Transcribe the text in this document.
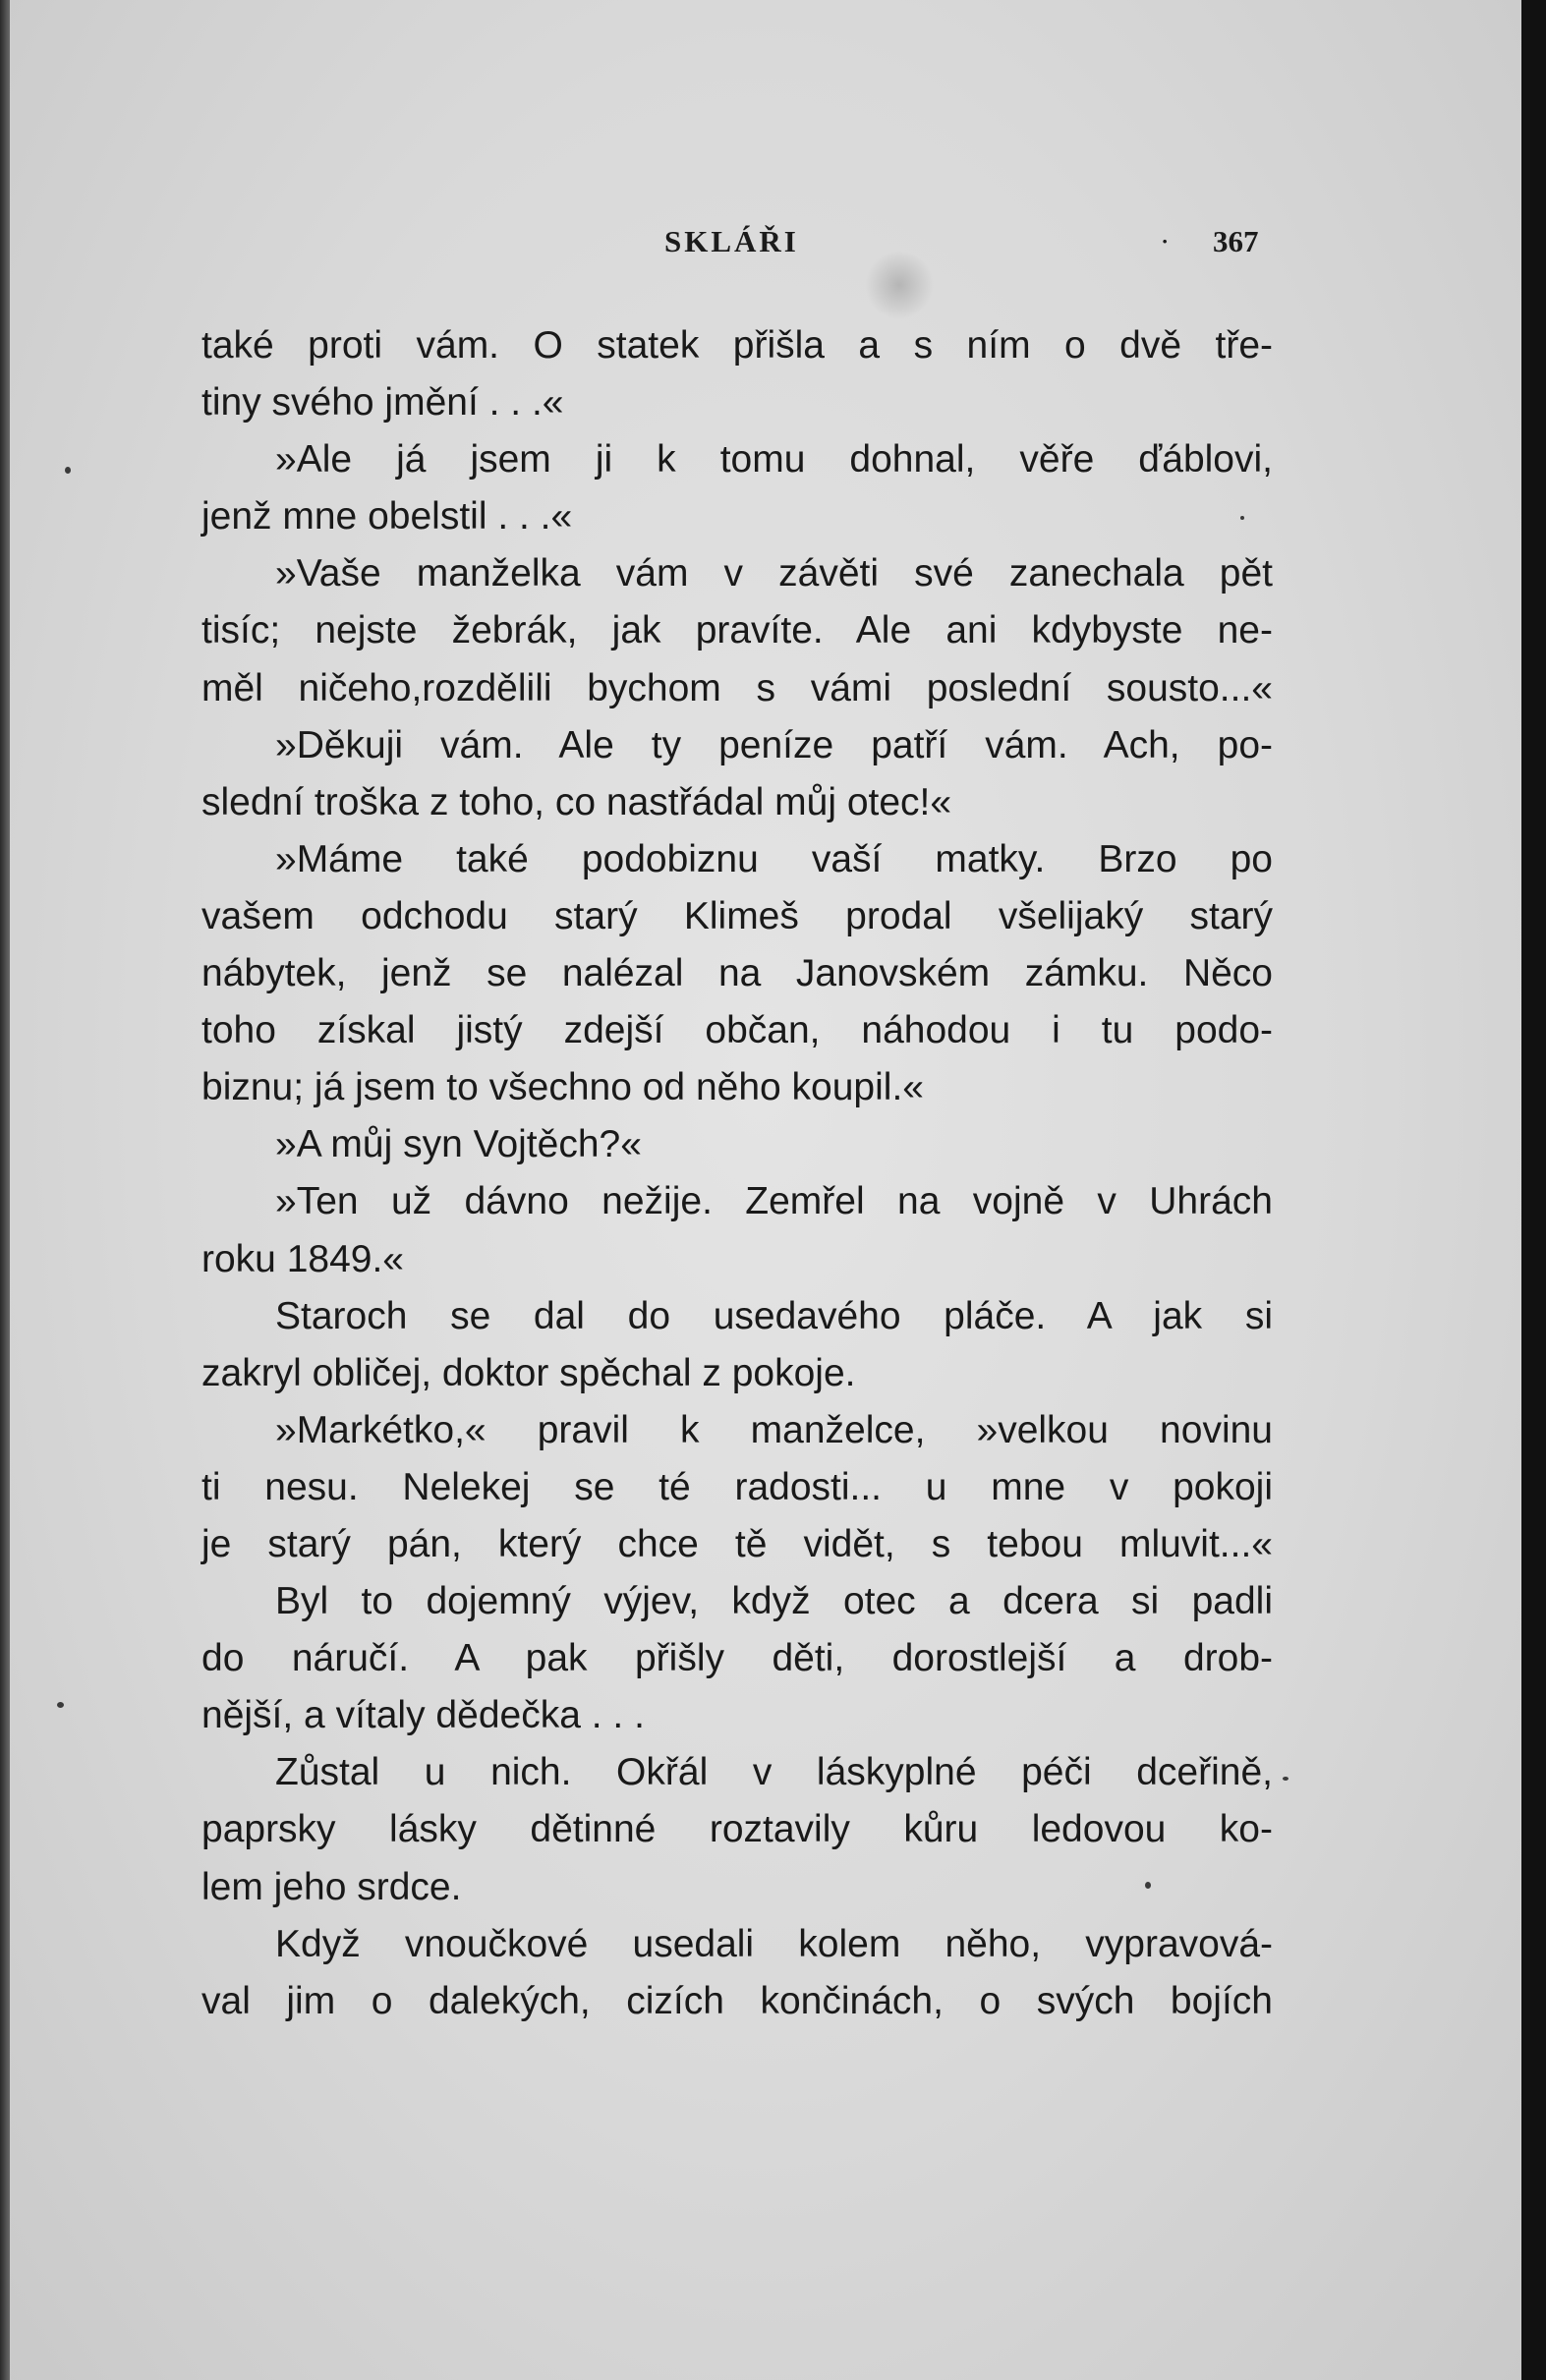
SKLÁŘI	· 367
také proti vám. O statek přišla a s ním o dvě tře-
tiny svého jmění . . .«
»Ale já jsem ji k tomu dohnal, věře ďáblovi,
jenž mne obelstil . . .«
»Vaše manželka vám v závěti své zanechala pět
tisíc; nejste žebrák, jak pravíte. Ale ani kdybyste ne-
měl ničeho,rozdělili bychom s vámi poslední sousto...«
»Děkuji vám. Ale ty peníze patří vám. Ach, po-
slední troška z toho, co nastřádal můj otec!«
»Máme také podobiznu vaší matky. Brzo po
vašem odchodu starý Klimeš prodal všelijaký starý
nábytek, jenž se nalézal na Janovském zámku. Něco
toho získal jistý zdejší občan, náhodou i tu podo-
biznu; já jsem to všechno od něho koupil.«
»A můj syn Vojtěch?«
»Ten už dávno nežije. Zemřel na vojně v Uhrách
roku 1849.«
Staroch se dal do usedavého pláče. A jak si
zakryl obličej, doktor spěchal z pokoje.
»Markétko,« pravil k manželce, »velkou novinu
ti nesu. Nelekej se té radosti... u mne v pokoji
je starý pán, který chce tě vidět, s tebou mluvit...«
Byl to dojemný výjev, když otec a dcera si padli
do náručí. A pak přišly děti, dorostlejší a drob-
nější, a vítaly dědečka . . .
Zůstal u nich. Okřál v láskyplné péči dceřině,
paprsky lásky dětinné roztavily kůru ledovou ko-
lem jeho srdce.
Když vnoučkové usedali kolem něho, vypravová-
val jim o dalekých, cizích končinách, o svých bojích
